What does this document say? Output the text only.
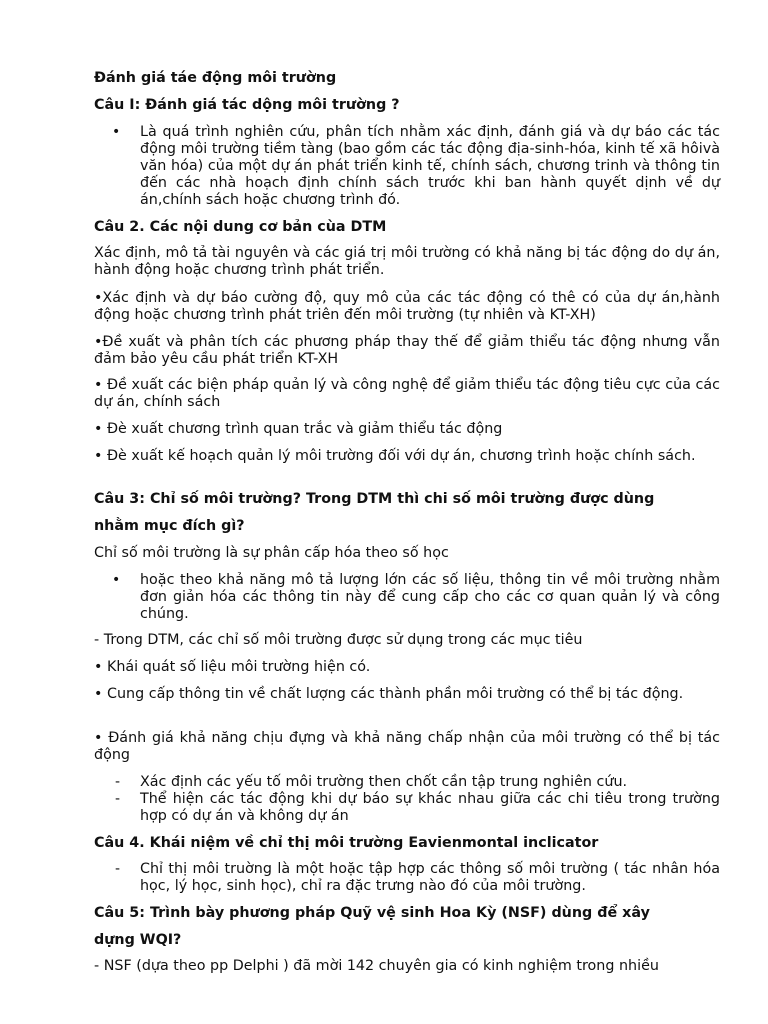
Đánh giá táe động môi trường

Câu I: Đánh giá tác dộng môi trường ?

• Là quá trình nghiên cứu, phân tích nhằm xác định, đánh giá và dự báo các tác động môi trường tiềm tàng (bao gồm các tác động địa-sinh-hóa, kinh tế xã hôivà văn hóa) của một dự án phát triển kinh tế, chính sách, chương trinh và thông tin đến các nhà hoạch định chính sách trước khi ban hành quyết dịnh về dự án,chính sách hoặc chương trình đó.

Câu 2. Các nội dung cơ bản cùa DTM

Xác định, mô tả tài nguyên và các giá trị môi trường có khả năng bị tác động do dự án, hành động hoặc chương trình phát triển.

•Xác định và dự báo cường độ, quy mô của các tác động có thê có của dự án,hành động hoặc chương trình phát triên đến môi trường (tự nhiên và KT-XH)

•Đề xuất và phân tích các phương pháp thay thế để giảm thiểu tác động nhưng vẫn đảm bảo yêu cầu phát triển KT-XH

• Đề xuất các biện pháp quản lý và công nghệ để giảm thiểu tác động tiêu cực của các dự án, chính sách

• Đè xuất chương trình quan trắc và giảm thiểu tác động

• Đè xuất kế hoạch quản lý môi trường đối với dự án, chương trình hoặc chính sách.

Câu 3: Chỉ số môi trường? Trong DTM thì chi số môi trường được dùng

nhằm mục đích gì?

Chỉ số môi trường là sự phân cấp hóa theo số học

• hoặc theo khả năng mô tả lượng lớn các số liệu, thông tin về môi trường nhằm đơn giản hóa các thông tin này để cung cấp cho các cơ quan quản lý và công chúng.

- Trong DTM, các chỉ số môi trường được sử dụng trong các mục tiêu

• Khái quát số liệu môi trường hiện có.

• Cung cấp thông tin về chất lượng các thành phần môi trường có thể bị tác động.

• Đánh giá khả năng chịu đựng và khả năng chấp nhận của môi trường có thể bị tác động

- Xác định các yếu tố môi trường then chốt cần tập trung nghiên cứu.

- Thể hiện các tác động khi dự báo sự khác nhau giữa các chi tiêu trong trường hợp có dự án và không dự án

Câu 4. Khái niệm về chỉ thị môi trường Eavienmontal inclicator

- Chỉ thị môi truờng là một hoặc tập hợp các thông số môi trường ( tác nhân hóa học, lý học, sinh học), chỉ ra đặc trưng nào đó của môi trường.

Câu 5: Trình bày phương pháp Quỹ vệ sinh Hoa Kỳ (NSF) dùng để xây

dựng WQI?

- NSF (dựa theo pp Delphi ) đã mời 142 chuyên gia có kinh nghiệm trong nhiều
